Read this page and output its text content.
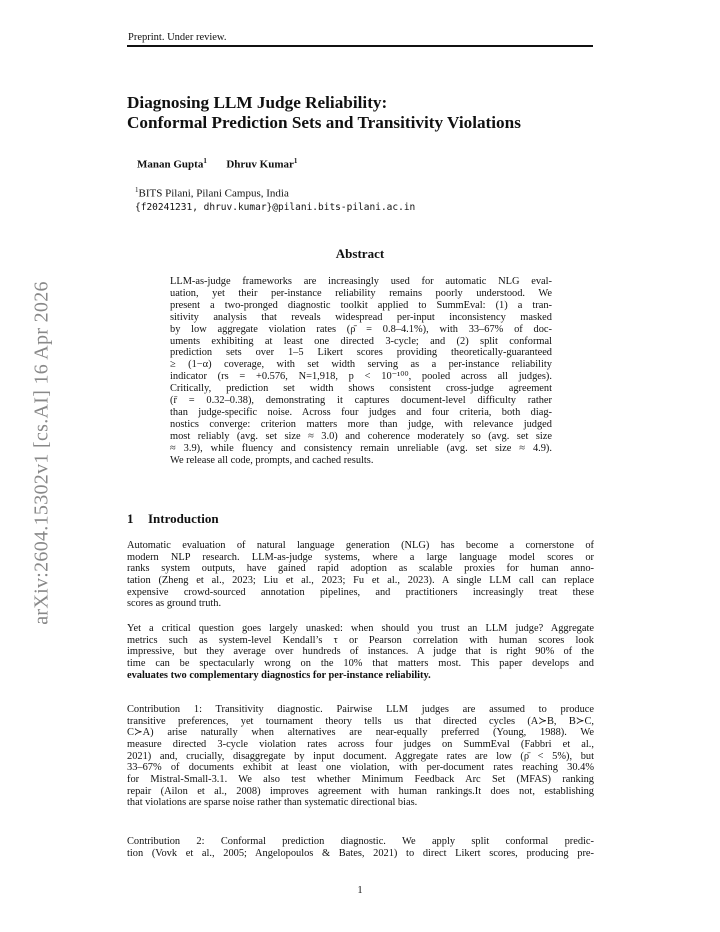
Preprint. Under review.
arXiv:2604.15302v1 [cs.AI] 16 Apr 2026
Diagnosing LLM Judge Reliability:
Conformal Prediction Sets and Transitivity Violations
Manan Gupta$^1$ Dhruv Kumar$^1$
$^1$BITS Pilani, Pilani Campus, India
{f20241231, dhruv.kumar}@pilani.bits-pilani.ac.in
Abstract
LLM-as-judge frameworks are increasingly used for automatic NLG eval-
uation, yet their per-instance reliability remains poorly understood. We
present a two-pronged diagnostic toolkit applied to SummEval: (1) a tran-
sitivity analysis that reveals widespread per-input inconsistency masked
by low aggregate violation rates (ρ̄ = 0.8–4.1%), with 33–67% of doc-
uments exhibiting at least one directed 3-cycle; and (2) split conformal
prediction sets over 1–5 Likert scores providing theoretically-guaranteed
≥ (1−α) coverage, with set width serving as a per-instance reliability
indicator (rs = +0.576, N=1,918, p < 10⁻¹⁰⁰, pooled across all judges).
Critically, prediction set width shows consistent cross-judge agreement
(r̄ = 0.32–0.38), demonstrating it captures document-level difficulty rather
than judge-specific noise. Across four judges and four criteria, both diag-
nostics converge: criterion matters more than judge, with relevance judged
most reliably (avg. set size ≈ 3.0) and coherence moderately so (avg. set size
≈ 3.9), while fluency and consistency remain unreliable (avg. set size ≈ 4.9).
We release all code, prompts, and cached results.
1 Introduction
Automatic evaluation of natural language generation (NLG) has become a cornerstone of
modern NLP research. LLM-as-judge systems, where a large language model scores or
ranks system outputs, have gained rapid adoption as scalable proxies for human anno-
tation (Zheng et al., 2023; Liu et al., 2023; Fu et al., 2023). A single LLM call can replace
expensive crowd-sourced annotation pipelines, and practitioners increasingly treat these
scores as ground truth.
Yet a critical question goes largely unasked: when should you trust an LLM judge? Aggregate
metrics such as system-level Kendall’s τ or Pearson correlation with human scores look
impressive, but they average over hundreds of instances. A judge that is right 90% of the
time can be spectacularly wrong on the 10% that matters most. This paper develops and
evaluates two complementary diagnostics for per-instance reliability.
Contribution 1: Transitivity diagnostic. Pairwise LLM judges are assumed to produce
transitive preferences, yet tournament theory tells us that directed cycles (A≻B, B≻C,
C≻A) arise naturally when alternatives are near-equally preferred (Young, 1988). We
measure directed 3-cycle violation rates across four judges on SummEval (Fabbri et al.,
2021) and, crucially, disaggregate by input document. Aggregate rates are low (ρ̄ < 5%), but
33–67% of documents exhibit at least one violation, with per-document rates reaching 30.4%
for Mistral-Small-3.1. We also test whether Minimum Feedback Arc Set (MFAS) ranking
repair (Ailon et al., 2008) improves agreement with human rankings.It does not, establishing
that violations are sparse noise rather than systematic directional bias.
Contribution 2: Conformal prediction diagnostic. We apply split conformal predic-
tion (Vovk et al., 2005; Angelopoulos & Bates, 2021) to direct Likert scores, producing pre-
1
